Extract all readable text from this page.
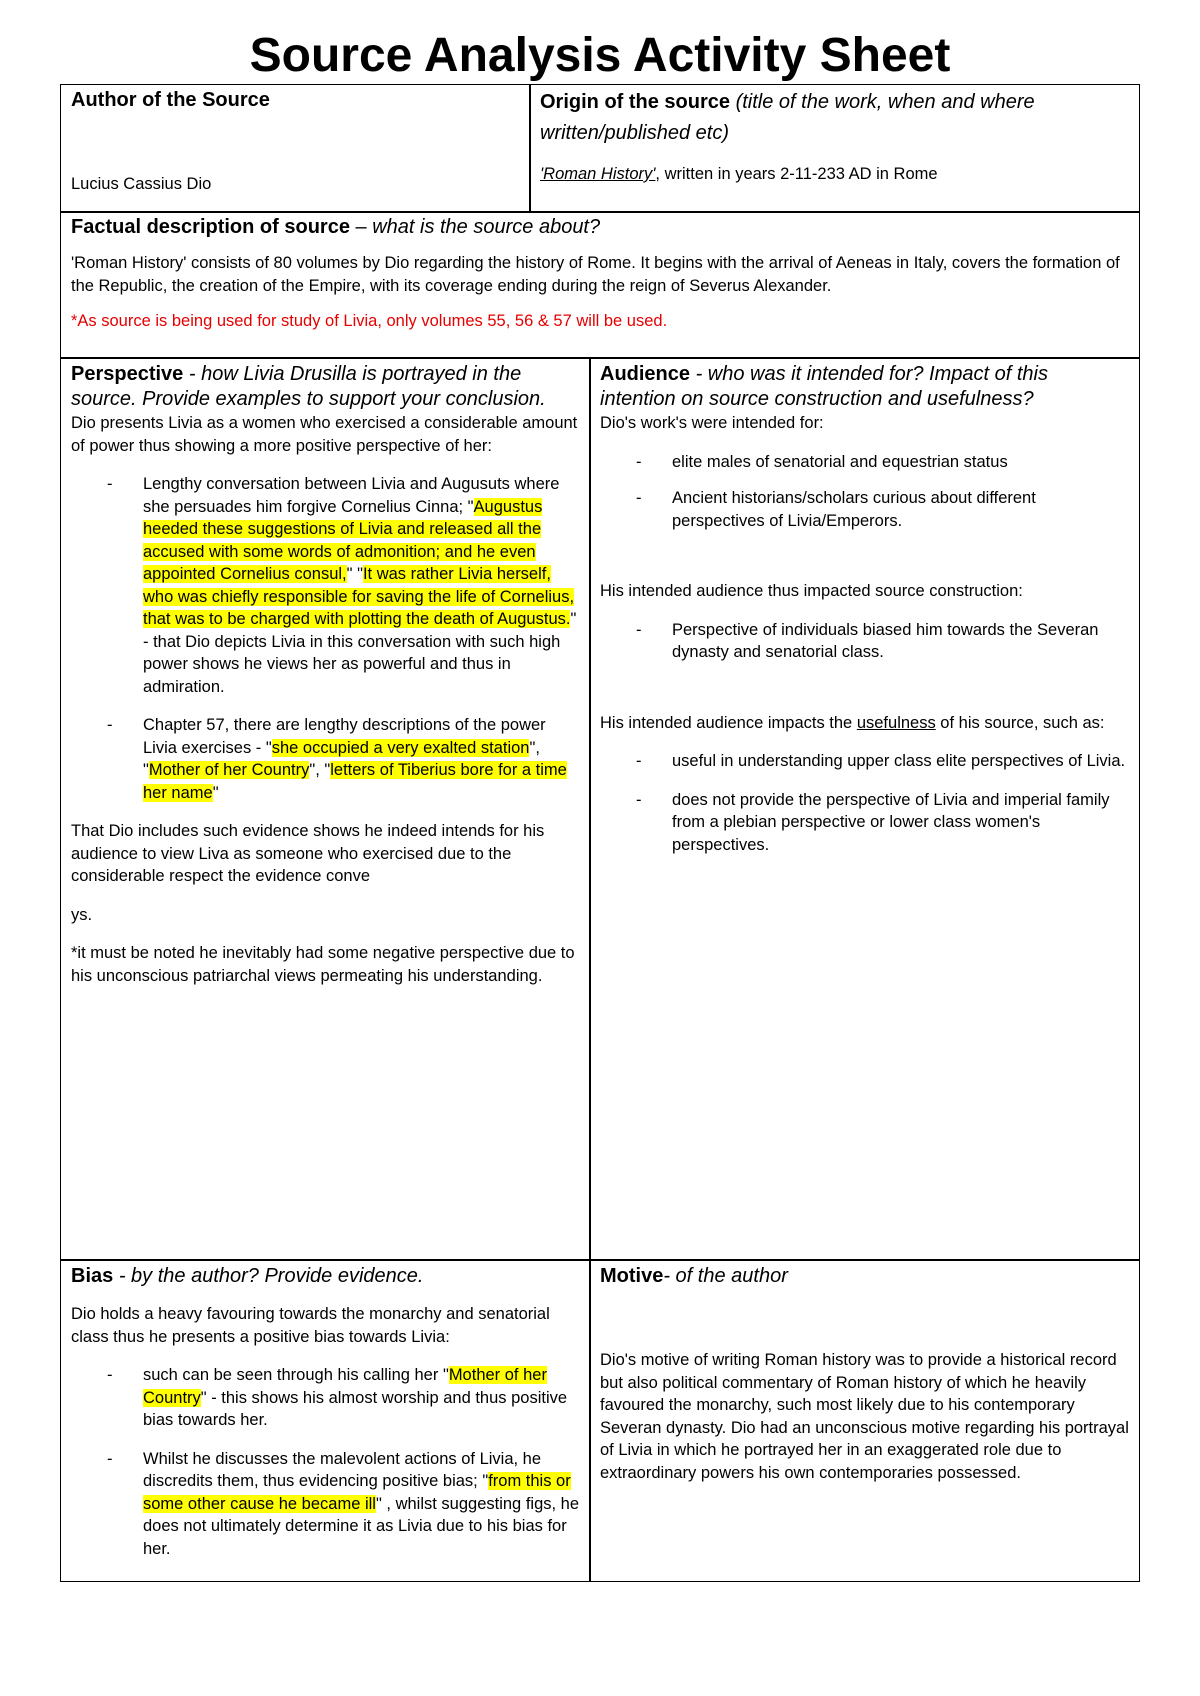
Source Analysis Activity Sheet
Author of the Source
Lucius Cassius Dio
Origin of the source (title of the work, when and where written/published etc)
'Roman History', written in years 2-11-233 AD in Rome
Factual description of source – what is the source about?

'Roman History' consists of 80 volumes by Dio regarding the history of Rome. It begins with the arrival of Aeneas in Italy, covers the formation of the Republic, the creation of the Empire, with its coverage ending during the reign of Severus Alexander.

*As source is being used for study of Livia, only volumes 55, 56 & 57 will be used.

Perspective - how Livia Drusilla is portrayed in the source. Provide examples to support your conclusion.

Dio presents Livia as a women who exercised a considerable amount of power thus showing a more positive perspective of her:

- Lengthy conversation between Livia and Augusuts where she persuades him forgive Cornelius Cinna; "Augustus heeded these suggestions of Livia and released all the accused with some words of admonition; and he even appointed Cornelius consul," "It was rather Livia herself, who was chiefly responsible for saving the life of Cornelius, that was to be charged with plotting the death of Augustus." - that Dio depicts Livia in this conversation with such high power shows he views her as powerful and thus in admiration.
- Chapter 57, there are lengthy descriptions of the power Livia exercises - "she occupied a very exalted station", "Mother of her Country", "letters of Tiberius bore for a time her name"

That Dio includes such evidence shows he indeed intends for his audience to view Liva as someone who exercised due to the considerable respect the evidence conve

ys.

*it must be noted he inevitably had some negative perspective due to his unconscious patriarchal views permeating his understanding.

Audience - who was it intended for? Impact of this intention on source construction and usefulness?

Dio's work's were intended for:

- elite males of senatorial and equestrian status
- Ancient historians/scholars curious about different perspectives of Livia/Emperors.

His intended audience thus impacted source construction:

- Perspective of individuals biased him towards the Severan dynasty and senatorial class.

His intended audience impacts the usefulness of his source, such as:

- useful in understanding upper class elite perspectives of Livia.
- does not provide the perspective of Livia and imperial family from a plebian perspective or lower class women's perspectives.
Bias - by the author? Provide evidence.

Dio holds a heavy favouring towards the monarchy and senatorial class thus he presents a positive bias towards Livia:

- such can be seen through his calling her "Mother of her Country" - this shows his almost worship and thus positive bias towards her.
- Whilst he discusses the malevolent actions of Livia, he discredits them, thus evidencing positive bias; "from this or some other cause he became ill" , whilst suggesting figs, he does not ultimately determine it as Livia due to his bias for her.
Motive- of the author

Dio's motive of writing Roman history was to provide a historical record but also political commentary of Roman history of which he heavily favoured the monarchy, such most likely due to his contemporary Severan dynasty. Dio had an unconscious motive regarding his portrayal of Livia in which he portrayed her in an exaggerated role due to extraordinary powers his own contemporaries possessed.
